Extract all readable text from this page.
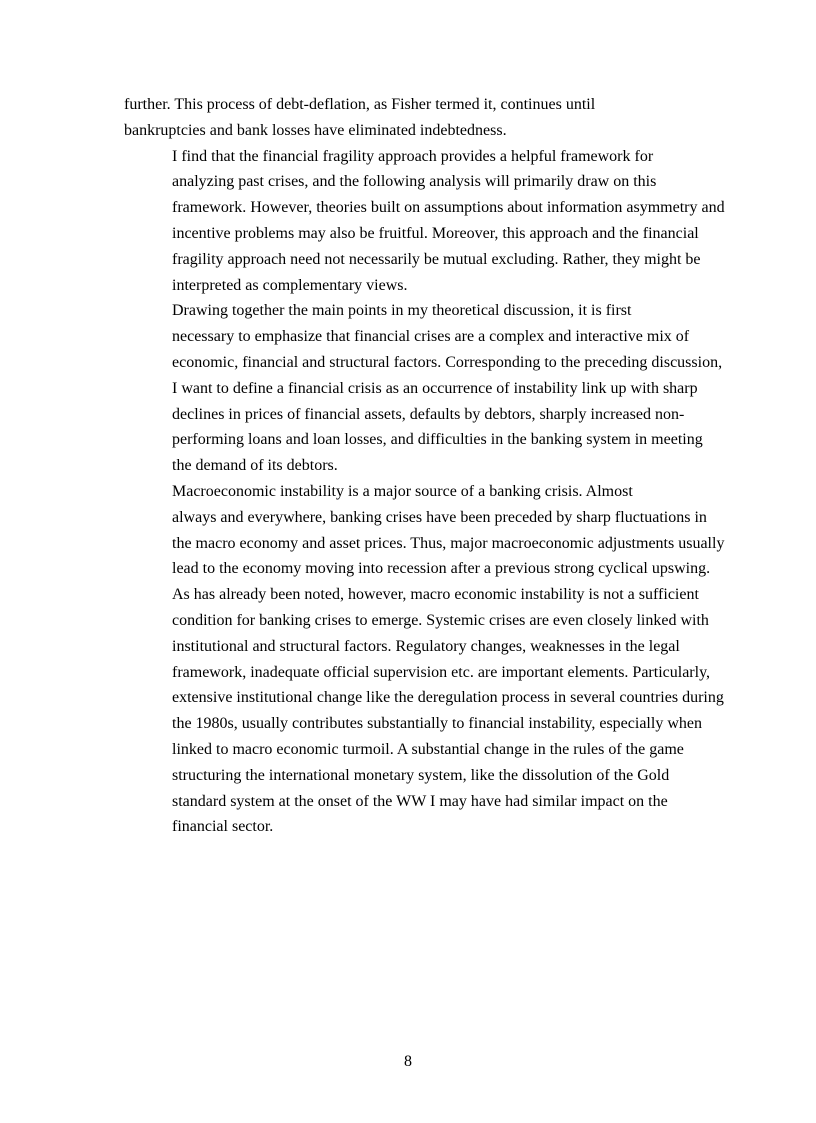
further. This process of debt-deflation, as Fisher termed it, continues until
bankruptcies and bank losses have eliminated indebtedness.

I find that the financial fragility approach provides a helpful framework for
analyzing past crises, and the following analysis will primarily draw on this
framework. However, theories built on assumptions about information asymmetry and
incentive problems may also be fruitful. Moreover, this approach and the financial
fragility approach need not necessarily be mutual excluding. Rather, they might be
interpreted as complementary views.

Drawing together the main points in my theoretical discussion, it is first
necessary to emphasize that financial crises are a complex and interactive mix of
economic, financial and structural factors. Corresponding to the preceding discussion,
I want to define a financial crisis as an occurrence of instability link up with sharp
declines in prices of financial assets, defaults by debtors, sharply increased non-
performing loans and loan losses, and difficulties in the banking system in meeting
the demand of its debtors.

Macroeconomic instability is a major source of a banking crisis. Almost
always and everywhere, banking crises have been preceded by sharp fluctuations in
the macro economy and asset prices. Thus, major macroeconomic adjustments usually
lead to the economy moving into recession after a previous strong cyclical upswing.
As has already been noted, however, macro economic instability is not a sufficient
condition for banking crises to emerge. Systemic crises are even closely linked with
institutional and structural factors. Regulatory changes, weaknesses in the legal
framework, inadequate official supervision etc. are important elements. Particularly,
extensive institutional change like the deregulation process in several countries during
the 1980s, usually contributes substantially to financial instability, especially when
linked to macro economic turmoil. A substantial change in the rules of the game
structuring the international monetary system, like the dissolution of the Gold
standard system at the onset of the WW I may have had similar impact on the
financial sector.

8
